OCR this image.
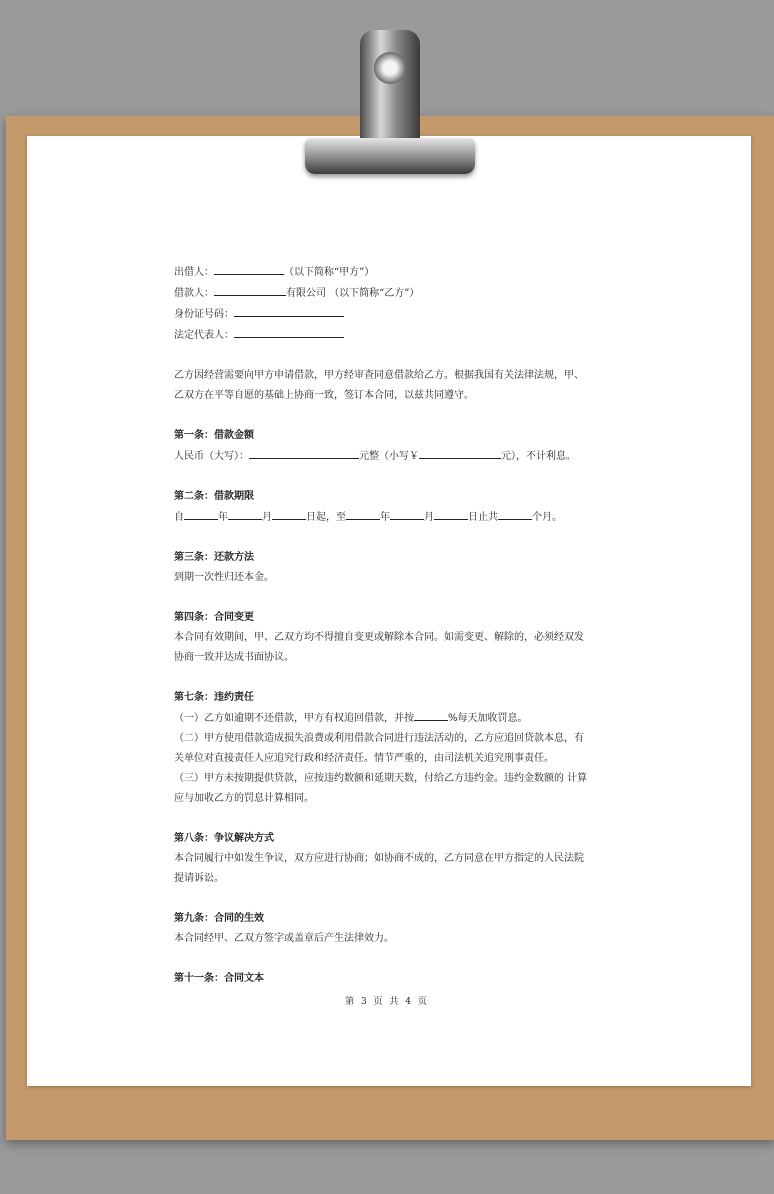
出借人：	（以下简称“甲方”）

借款人：	有限公司 （以下简称“乙方”）

身份证号码：

法定代表人：

乙方因经营需要向甲方申请借款，甲方经审查同意借款给乙方。根据我国有关法律法规，甲、

乙双方在平等自愿的基础上协商一致，签订本合同，以兹共同遵守。

第一条：借款金额

人民币（大写）：	元整（小写￥	元），不计利息。

第二条：借款期限

自	年	月	日起，至	年	月	日止共	个月。

第三条：还款方法

到期一次性归还本金。

第四条：合同变更

本合同有效期间，甲、乙双方均不得擅自变更或解除本合同。如需变更、解除的，必须经双发

协商一致并达成书面协议。

第七条：违约责任

（一）乙方如逾期不还借款，甲方有权追回借款，并按	%每天加收罚息。

（二）甲方使用借款造成损失浪费或利用借款合同进行违法活动的，乙方应追回贷款本息，有

关单位对直接责任人应追究行政和经济责任。情节严重的，由司法机关追究刑事责任。

（三）甲方未按期提供贷款，应按违约数额和延期天数，付给乙方违约金。违约金数额的 计算

应与加收乙方的罚息计算相同。

第八条：争议解决方式

本合同履行中如发生争议，双方应进行协商；如协商不成的，乙方同意在甲方指定的人民法院

提请诉讼。

第九条：合同的生效

本合同经甲、乙双方签字或盖章后产生法律效力。

第十一条：合同文本

第 3 页 共 4 页
